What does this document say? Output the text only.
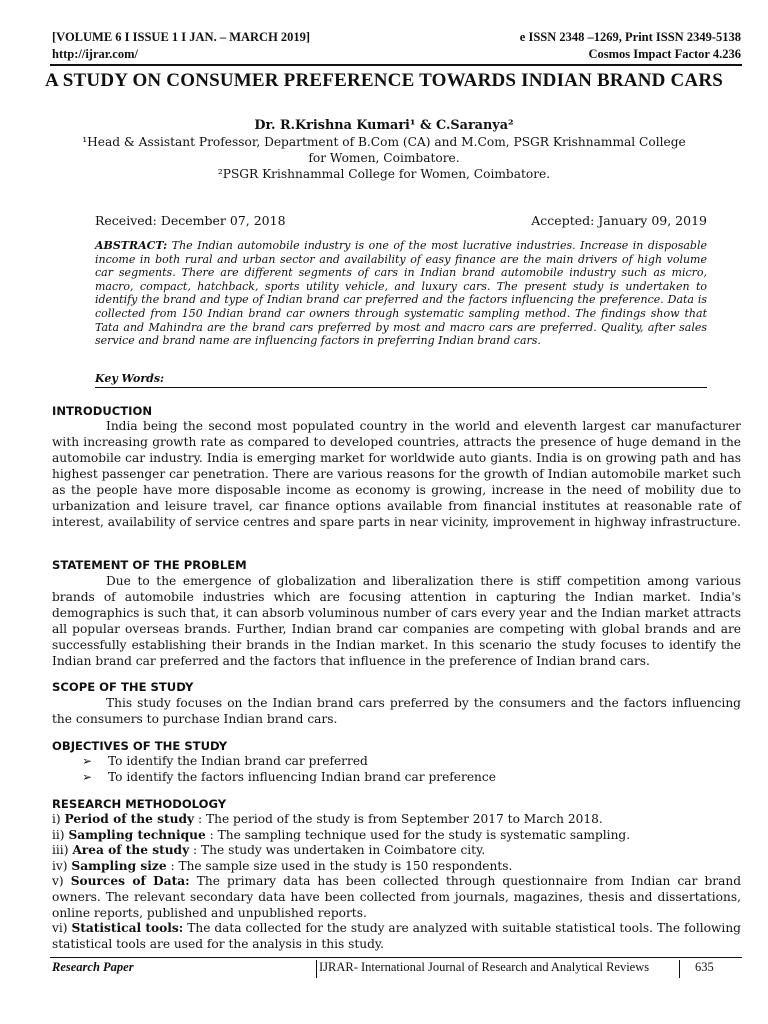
[VOLUME 6 I ISSUE 1 I JAN. – MARCH 2019]
http://ijrar.com/
e ISSN 2348 –1269, Print ISSN 2349-5138
Cosmos Impact Factor 4.236
A STUDY ON CONSUMER PREFERENCE TOWARDS INDIAN BRAND CARS
Dr. R.Krishna Kumari¹ & C.Saranya²
¹Head & Assistant Professor, Department of B.Com (CA) and M.Com, PSGR Krishnammal College
for Women, Coimbatore.
²PSGR Krishnammal College for Women, Coimbatore.
Received: December 07, 2018	Accepted: January 09, 2019
ABSTRACT: The Indian automobile industry is one of the most lucrative industries. Increase in disposable income in both rural and urban sector and availability of easy finance are the main drivers of high volume car segments. There are different segments of cars in Indian brand automobile industry such as micro, macro, compact, hatchback, sports utility vehicle, and luxury cars. The present study is undertaken to identify the brand and type of Indian brand car preferred and the factors influencing the preference. Data is collected from 150 Indian brand car owners through systematic sampling method. The findings show that Tata and Mahindra are the brand cars preferred by most and macro cars are preferred. Quality, after sales service and brand name are influencing factors in preferring Indian brand cars.
Key Words:
INTRODUCTION
India being the second most populated country in the world and eleventh largest car manufacturer with increasing growth rate as compared to developed countries, attracts the presence of huge demand in the automobile car industry. India is emerging market for worldwide auto giants. India is on growing path and has highest passenger car penetration. There are various reasons for the growth of Indian automobile market such as the people have more disposable income as economy is growing, increase in the need of mobility due to urbanization and leisure travel, car finance options available from financial institutes at reasonable rate of interest, availability of service centres and spare parts in near vicinity, improvement in highway infrastructure.
STATEMENT OF THE PROBLEM
Due to the emergence of globalization and liberalization there is stiff competition among various brands of automobile industries which are focusing attention in capturing the Indian market. India's demographics is such that, it can absorb voluminous number of cars every year and the Indian market attracts all popular overseas brands. Further, Indian brand car companies are competing with global brands and are successfully establishing their brands in the Indian market. In this scenario the study focuses to identify the Indian brand car preferred and the factors that influence in the preference of Indian brand cars.
SCOPE OF THE STUDY
This study focuses on the Indian brand cars preferred by the consumers and the factors influencing the consumers to purchase Indian brand cars.
OBJECTIVES OF THE STUDY
➢ To identify the Indian brand car preferred
➢ To identify the factors influencing Indian brand car preference
RESEARCH METHODOLOGY
i) Period of the study : The period of the study is from September 2017 to March 2018.
ii) Sampling technique : The sampling technique used for the study is systematic sampling.
iii) Area of the study : The study was undertaken in Coimbatore city.
iv) Sampling size : The sample size used in the study is 150 respondents.
v) Sources of Data: The primary data has been collected through questionnaire from Indian car brand owners. The relevant secondary data have been collected from journals, magazines, thesis and dissertations, online reports, published and unpublished reports.
vi) Statistical tools: The data collected for the study are analyzed with suitable statistical tools. The following statistical tools are used for the analysis in this study.
Research Paper	IJRAR- International Journal of Research and Analytical Reviews	635
